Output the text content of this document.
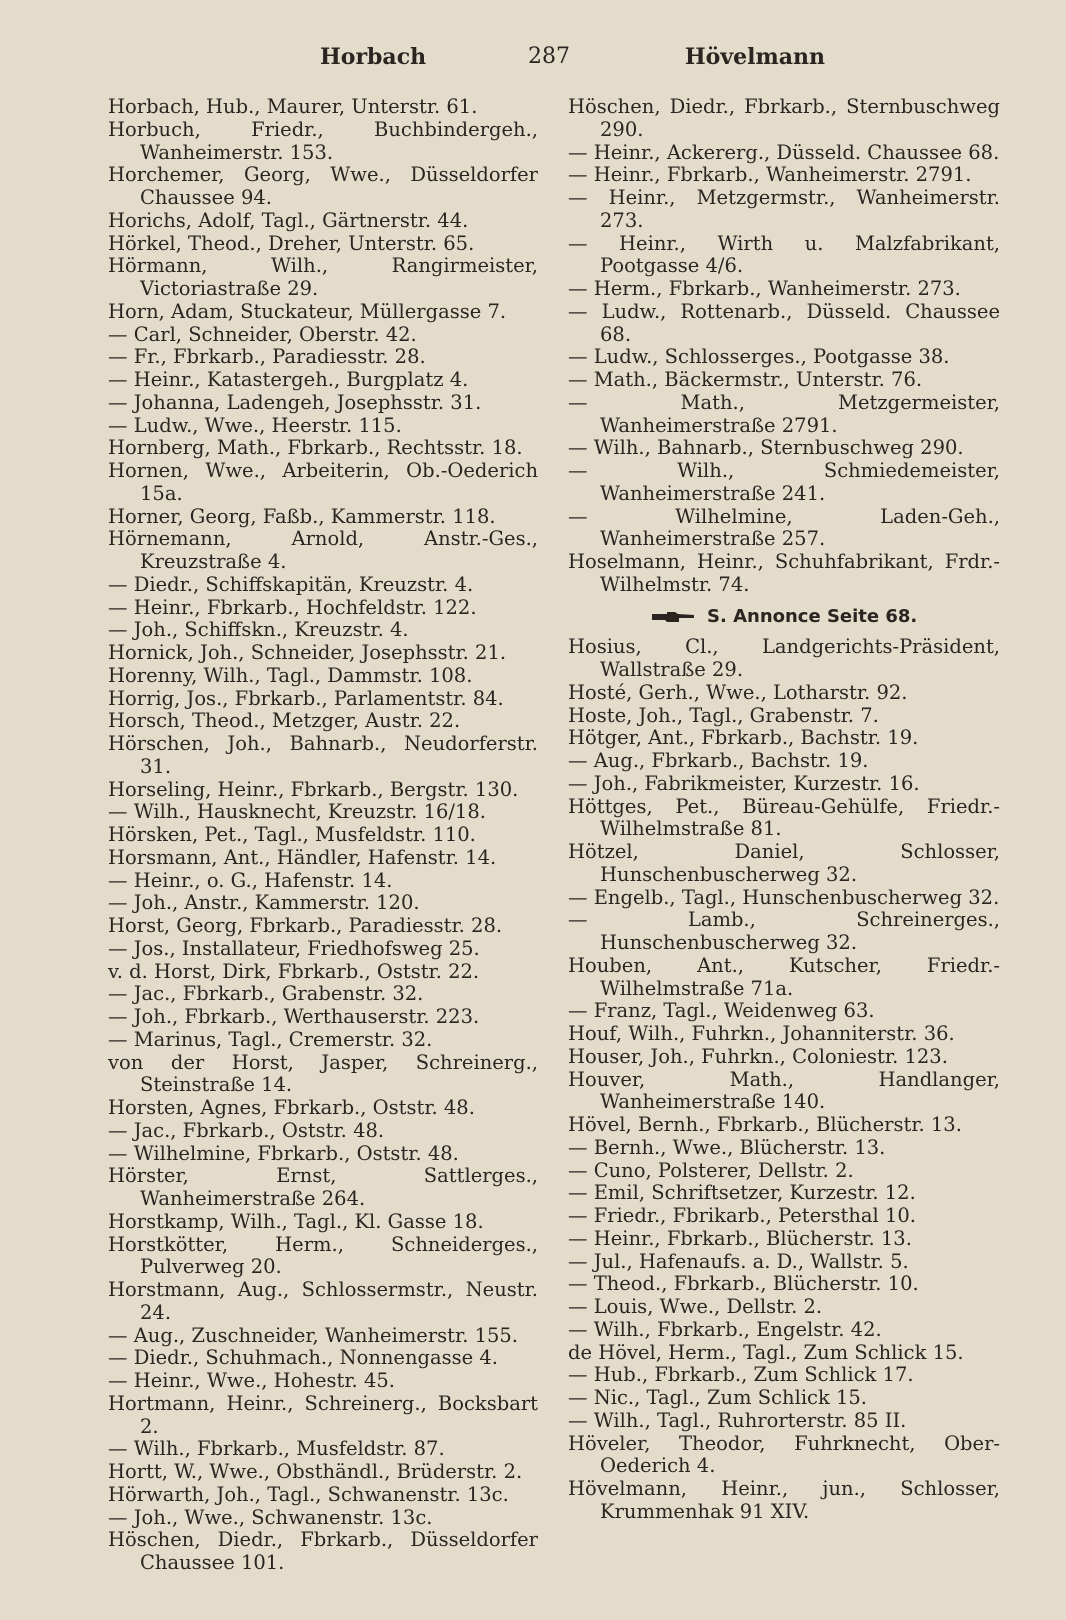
Horbach	287	Hövelmann
Horbach, Hub., Maurer, Unterstr. 61.
Horbuch, Friedr., Buchbindergeh., Wanheimerstr. 153.
Horchemer, Georg, Wwe., Düsseldorfer Chaussee 94.
Horichs, Adolf, Tagl., Gärtnerstr. 44.
Hörkel, Theod., Dreher, Unterstr. 65.
Hörmann, Wilh., Rangirmeister, Victoriastraße 29.
Horn, Adam, Stuckateur, Müllergasse 7.
— Carl, Schneider, Oberstr. 42.
— Fr., Fbrkarb., Paradiesstr. 28.
— Heinr., Katastergeh., Burgplatz 4.
— Johanna, Ladengeh, Josephsstr. 31.
— Ludw., Wwe., Heerstr. 115.
Hornberg, Math., Fbrkarb., Rechtsstr. 18.
Hornen, Wwe., Arbeiterin, Ob.-Oederich 15a.
Horner, Georg, Faßb., Kammerstr. 118.
Hörnemann, Arnold, Anstr.-Ges., Kreuzstraße 4.
— Diedr., Schiffskapitän, Kreuzstr. 4.
— Heinr., Fbrkarb., Hochfeldstr. 122.
— Joh., Schiffskn., Kreuzstr. 4.
Hornick, Joh., Schneider, Josephsstr. 21.
Horenny, Wilh., Tagl., Dammstr. 108.
Horrig, Jos., Fbrkarb., Parlamentstr. 84.
Horsch, Theod., Metzger, Austr. 22.
Hörschen, Joh., Bahnarb., Neudorferstr. 31.
Horseling, Heinr., Fbrkarb., Bergstr. 130.
— Wilh., Hausknecht, Kreuzstr. 16/18.
Hörsken, Pet., Tagl., Musfeldstr. 110.
Horsmann, Ant., Händler, Hafenstr. 14.
— Heinr., o. G., Hafenstr. 14.
— Joh., Anstr., Kammerstr. 120.
Horst, Georg, Fbrkarb., Paradiesstr. 28.
— Jos., Installateur, Friedhofsweg 25.
v. d. Horst, Dirk, Fbrkarb., Oststr. 22.
— Jac., Fbrkarb., Grabenstr. 32.
— Joh., Fbrkarb., Werthauserstr. 223.
— Marinus, Tagl., Cremerstr. 32.
von der Horst, Jasper, Schreinerg., Steinstraße 14.
Horsten, Agnes, Fbrkarb., Oststr. 48.
— Jac., Fbrkarb., Oststr. 48.
— Wilhelmine, Fbrkarb., Oststr. 48.
Hörster, Ernst, Sattlerges., Wanheimerstraße 264.
Horstkamp, Wilh., Tagl., Kl. Gasse 18.
Horstkötter, Herm., Schneiderges., Pulverweg 20.
Horstmann, Aug., Schlossermstr., Neustr. 24.
— Aug., Zuschneider, Wanheimerstr. 155.
— Diedr., Schuhmach., Nonnengasse 4.
— Heinr., Wwe., Hohestr. 45.
Hortmann, Heinr., Schreinerg., Bocksbart 2.
— Wilh., Fbrkarb., Musfeldstr. 87.
Hortt, W., Wwe., Obsthändl., Brüderstr. 2.
Hörwarth, Joh., Tagl., Schwanenstr. 13c.
— Joh., Wwe., Schwanenstr. 13c.
Höschen, Diedr., Fbrkarb., Düsseldorfer Chaussee 101.
Höschen, Diedr., Fbrkarb., Sternbuschweg 290.
— Heinr., Ackererg., Düsseld. Chaussee 68.
— Heinr., Fbrkarb., Wanheimerstr. 2791.
— Heinr., Metzgermstr., Wanheimerstr. 273.
— Heinr., Wirth u. Malzfabrikant, Pootgasse 4/6.
— Herm., Fbrkarb., Wanheimerstr. 273.
— Ludw., Rottenarb., Düsseld. Chaussee 68.
— Ludw., Schlosserges., Pootgasse 38.
— Math., Bäckermstr., Unterstr. 76.
— Math., Metzgermeister, Wanheimerstraße 2791.
— Wilh., Bahnarb., Sternbuschweg 290.
— Wilh., Schmiedemeister, Wanheimerstraße 241.
— Wilhelmine, Laden-Geh., Wanheimerstraße 257.
Hoselmann, Heinr., Schuhfabrikant, Frdr.-Wilhelmstr. 74.
S. Annonce Seite 68.
Hosius, Cl., Landgerichts-Präsident, Wallstraße 29.
Hosté, Gerh., Wwe., Lotharstr. 92.
Hoste, Joh., Tagl., Grabenstr. 7.
Hötger, Ant., Fbrkarb., Bachstr. 19.
— Aug., Fbrkarb., Bachstr. 19.
— Joh., Fabrikmeister, Kurzestr. 16.
Höttges, Pet., Büreau-Gehülfe, Friedr.-Wilhelmstraße 81.
Hötzel, Daniel, Schlosser, Hunschenbuscherweg 32.
— Engelb., Tagl., Hunschenbuscherweg 32.
— Lamb., Schreinerges., Hunschenbuscherweg 32.
Houben, Ant., Kutscher, Friedr.-Wilhelmstraße 71a.
— Franz, Tagl., Weidenweg 63.
Houf, Wilh., Fuhrkn., Johanniterstr. 36.
Houser, Joh., Fuhrkn., Coloniestr. 123.
Houver, Math., Handlanger, Wanheimerstraße 140.
Hövel, Bernh., Fbrkarb., Blücherstr. 13.
— Bernh., Wwe., Blücherstr. 13.
— Cuno, Polsterer, Dellstr. 2.
— Emil, Schriftsetzer, Kurzestr. 12.
— Friedr., Fbrikarb., Petersthal 10.
— Heinr., Fbrkarb., Blücherstr. 13.
— Jul., Hafenaufs. a. D., Wallstr. 5.
— Theod., Fbrkarb., Blücherstr. 10.
— Louis, Wwe., Dellstr. 2.
— Wilh., Fbrkarb., Engelstr. 42.
de Hövel, Herm., Tagl., Zum Schlick 15.
— Hub., Fbrkarb., Zum Schlick 17.
— Nic., Tagl., Zum Schlick 15.
— Wilh., Tagl., Ruhrorterstr. 85 II.
Höveler, Theodor, Fuhrknecht, Ober-Oederich 4.
Hövelmann, Heinr., jun., Schlosser, Krummenhak 91 XIV.
